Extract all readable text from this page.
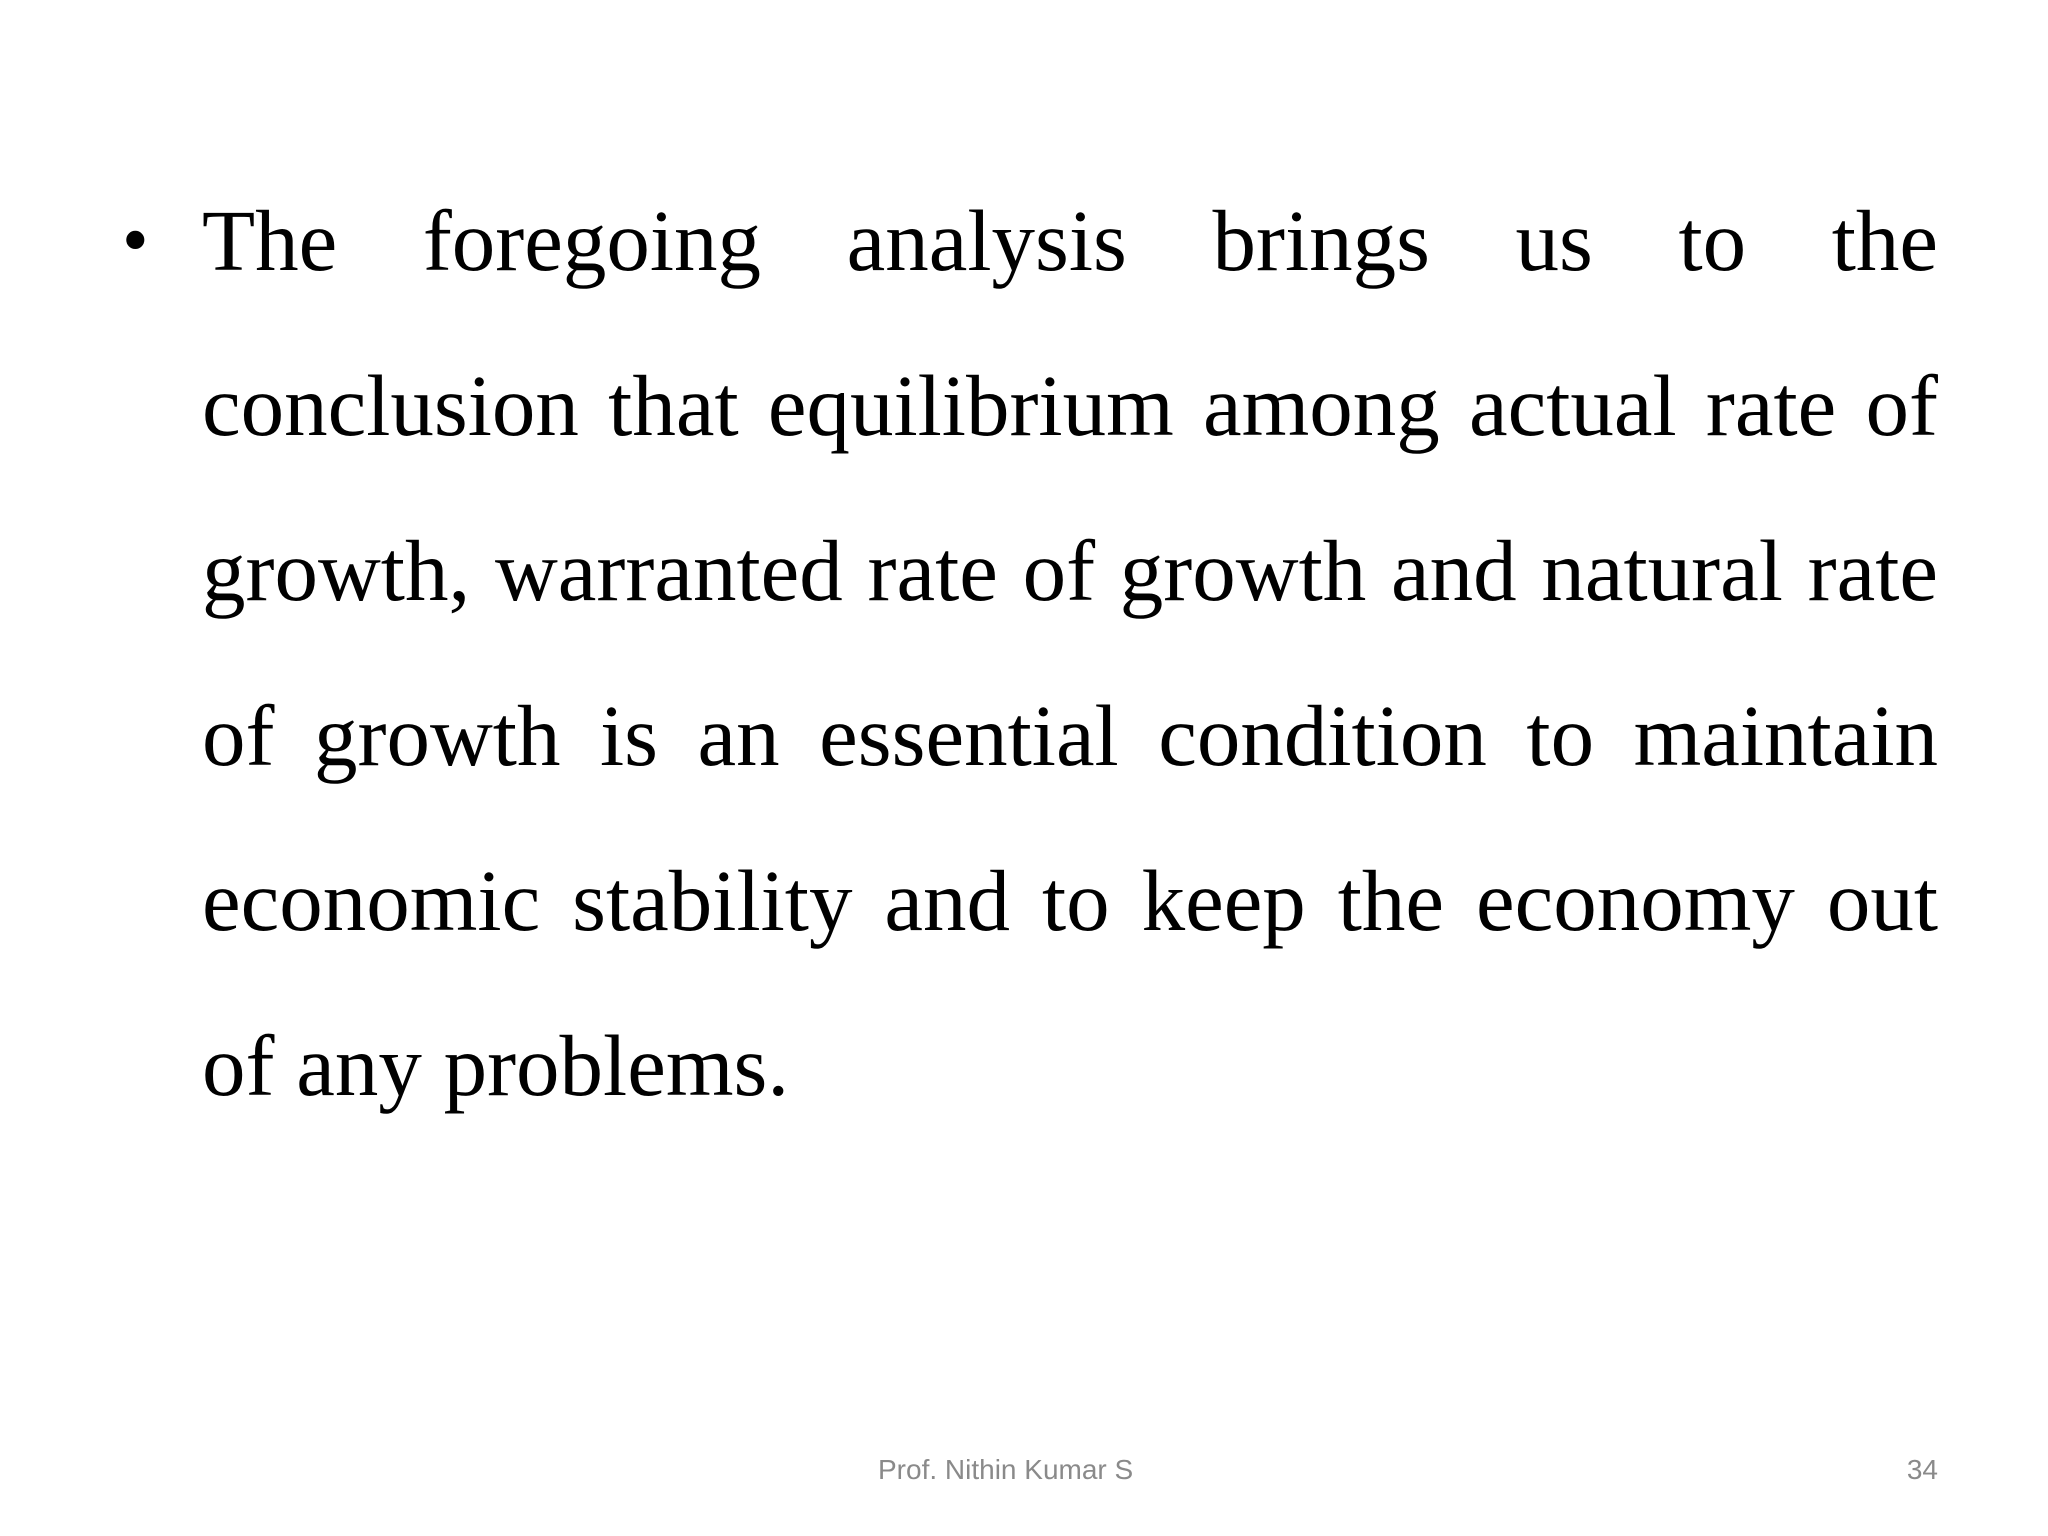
• The foregoing analysis brings us to the conclusion that equilibrium among actual rate of growth, warranted rate of growth and natural rate of growth is an essential condition to maintain economic stability and to keep the economy out of any problems.

Prof. Nithin Kumar S	34
